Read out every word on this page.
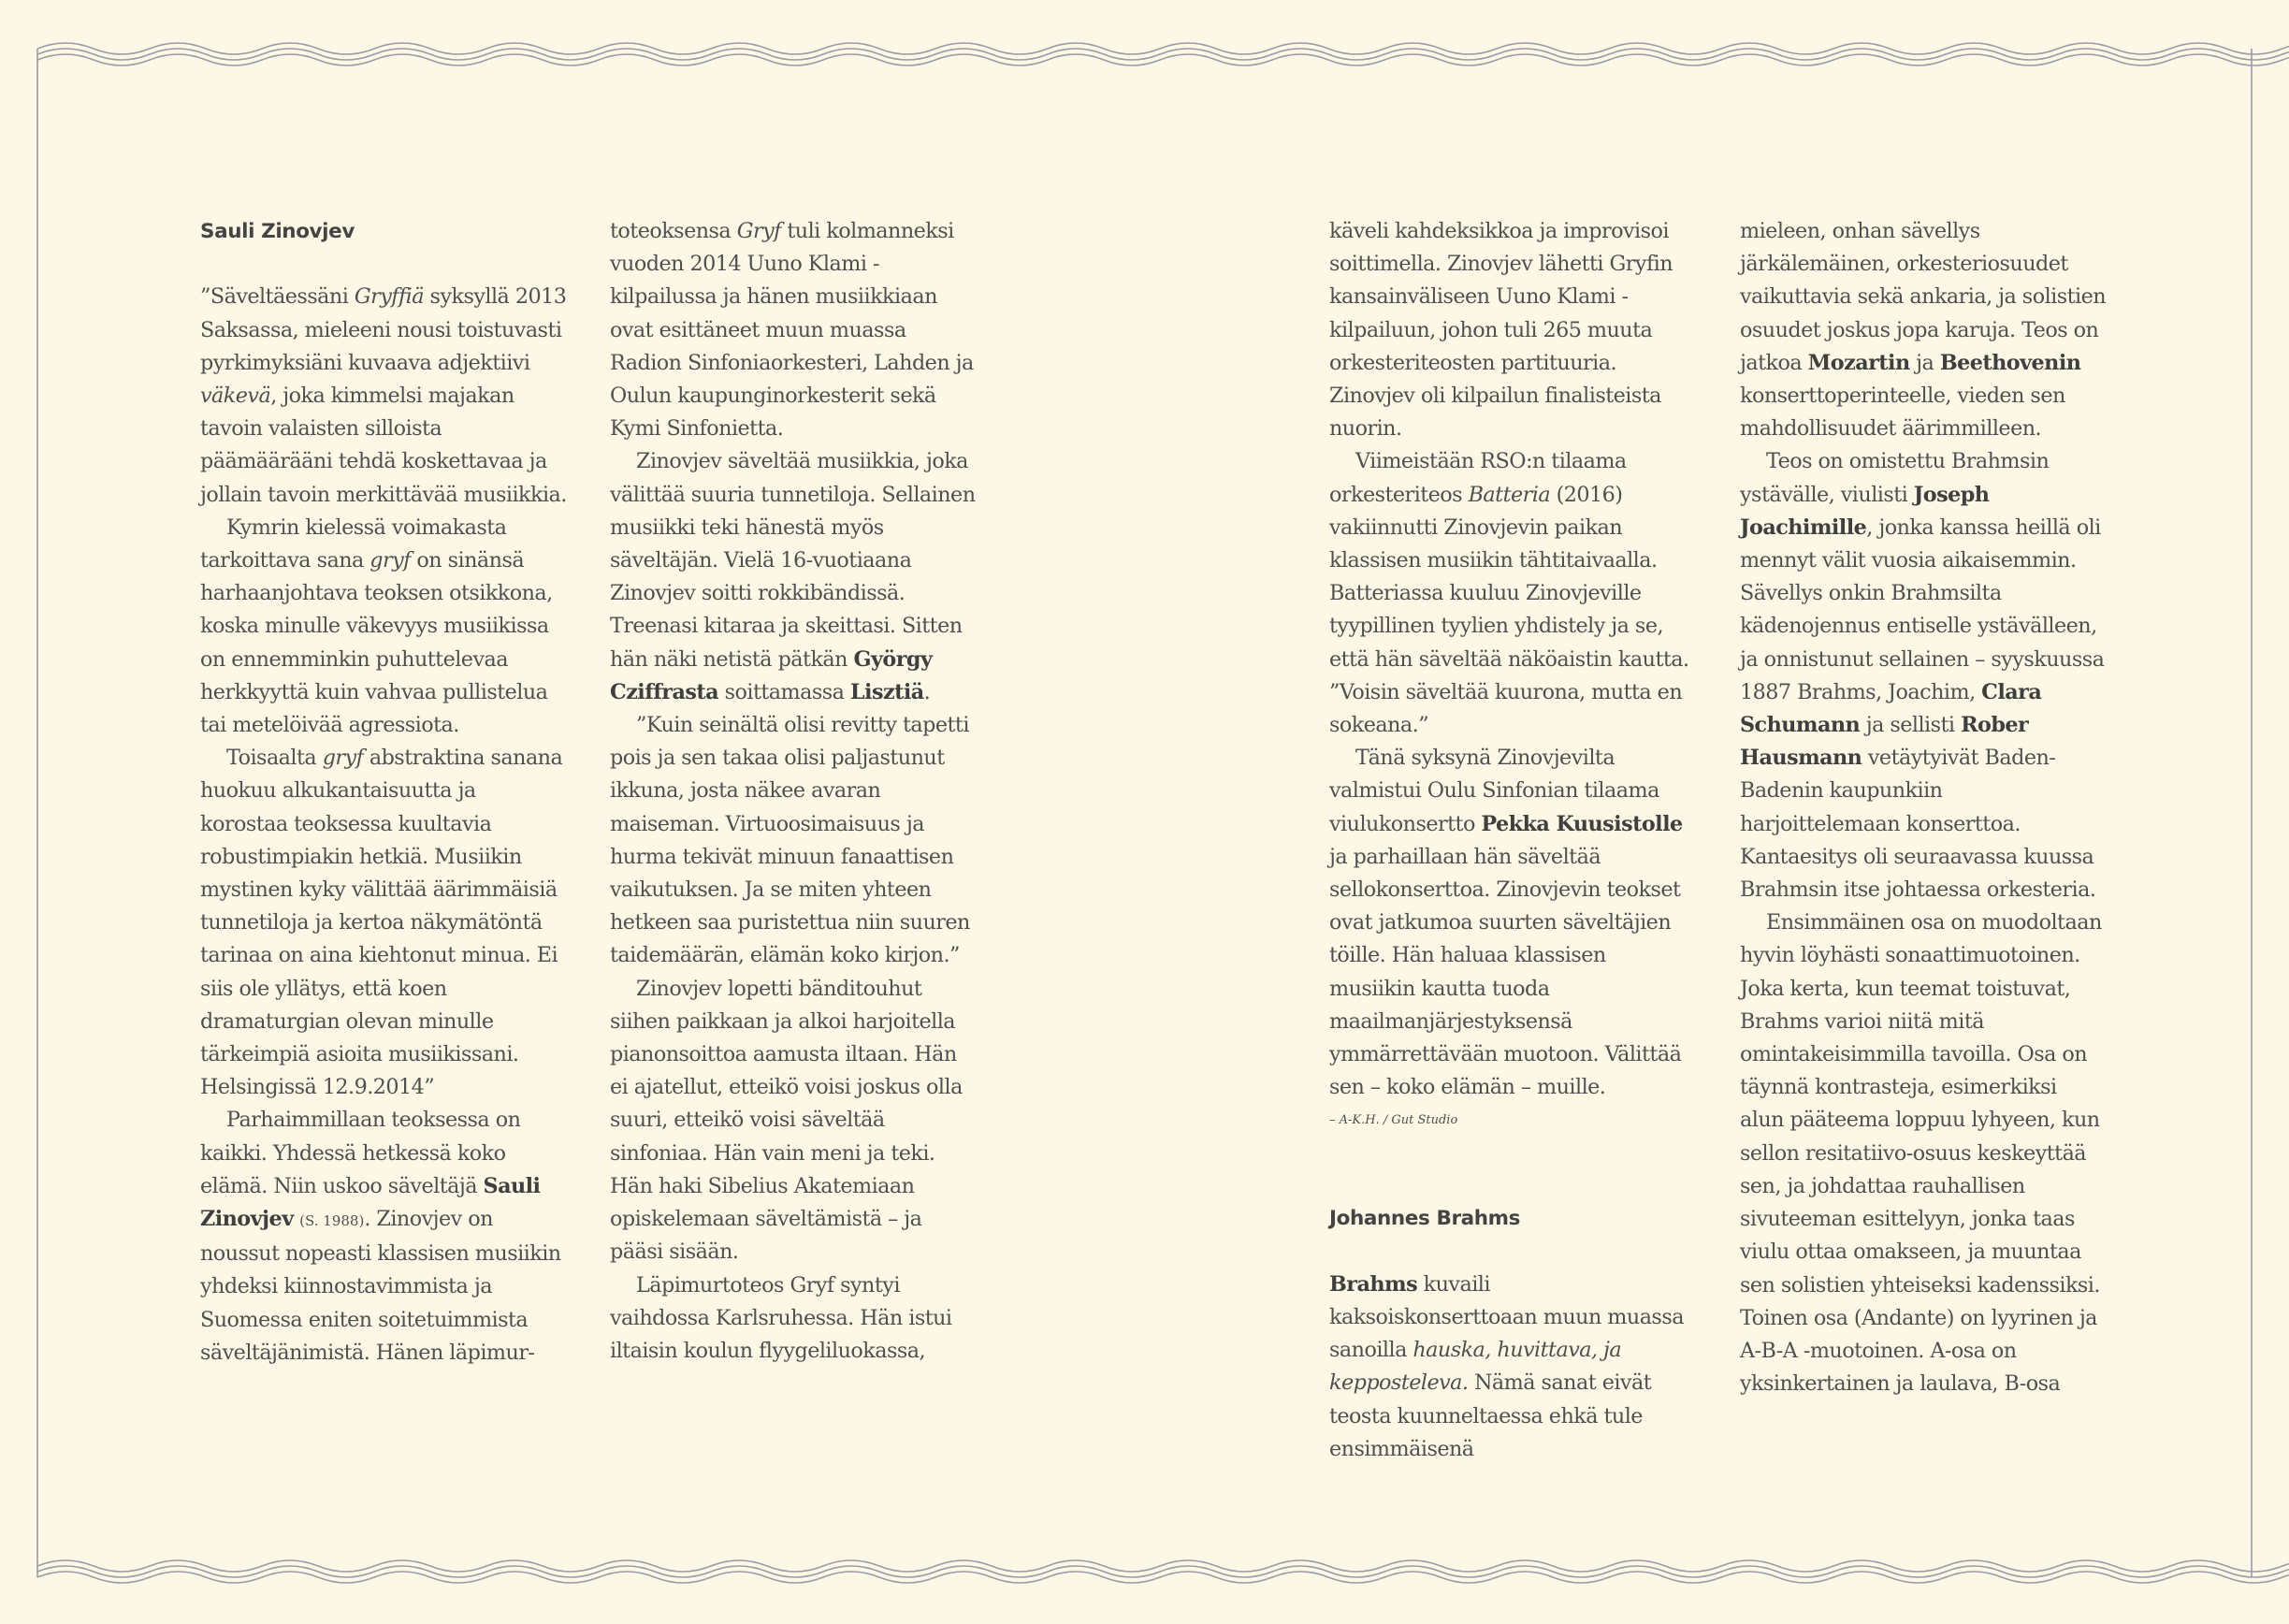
Sauli Zinovjev

”Säveltäessäni Gryffiä syksyllä 2013 Saksassa, mieleeni nousi toistuvasti pyrkimyksiäni kuvaava adjektiivi väkevä, joka kimmelsi majakan tavoin valaisten silloista päämäärääni tehdä koskettavaa ja jollain tavoin merkittävää musiikkia.

Kymrin kielessä voimakasta tarkoittava sana gryf on sinänsä harhaanjohtava teoksen otsikkona, koska minulle väkevyys musiikissa on ennemminkin puhuttelevaa herkkyyttä kuin vahvaa pullistelua tai metelöivää agressiota.

Toisaalta gryf abstraktina sanana huokuu alkukantaisuutta ja korostaa teoksessa kuultavia robustimpiakin hetkiä. Musiikin mystinen kyky välittää äärimmäisiä tunnetiloja ja kertoa näkymätöntä tarinaa on aina kiehtonut minua. Ei siis ole yllätys, että koen dramaturgian olevan minulle tärkeimpiä asioita musiikissani. Helsingissä 12.9.2014”

Parhaimmillaan teoksessa on kaikki. Yhdessä hetkessä koko elämä. Niin uskoo säveltäjä Sauli Zinovjev (S. 1988). Zinovjev on noussut nopeasti klassisen musiikin yhdeksi kiinnostavimmista ja Suomessa eniten soitetuimmista säveltäjänimistä. Hänen läpimur-

toteoksensa Gryf tuli kolmanneksi vuoden 2014 Uuno Klami -kilpailussa ja hänen musiikkiaan ovat esittäneet muun muassa Radion Sinfoniaorkesteri, Lahden ja Oulun kaupunginorkesterit sekä Kymi Sinfonietta.

Zinovjev säveltää musiikkia, joka välittää suuria tunnetiloja. Sellainen musiikki teki hänestä myös säveltäjän. Vielä 16-vuotiaana Zinovjev soitti rokkibändissä. Treenasi kitaraa ja skeittasi. Sitten hän näki netistä pätkän György Cziffrasta soittamassa Lisztiä.

”Kuin seinältä olisi revitty tapetti pois ja sen takaa olisi paljastunut ikkuna, josta näkee avaran maiseman. Virtuoosimaisuus ja hurma tekivät minuun fanaattisen vaikutuksen. Ja se miten yhteen hetkeen saa puristettua niin suuren taidemäärän, elämän koko kirjon.”

Zinovjev lopetti bänditouhut siihen paikkaan ja alkoi harjoitella pianonsoittoa aamusta iltaan. Hän ei ajatellut, etteikö voisi joskus olla suuri, etteikö voisi säveltää sinfoniaa. Hän vain meni ja teki. Hän haki Sibelius Akatemiaan opiskelemaan säveltämistä – ja pääsi sisään.

Läpimurtoteos Gryf syntyi vaihdossa Karlsruhessa. Hän istui iltaisin koulun flyygeliluokassa,

käveli kahdeksikkoa ja improvisoi soittimella. Zinovjev lähetti Gryfin kansainväliseen Uuno Klami -kilpailuun, johon tuli 265 muuta orkesteriteosten partituuria. Zinovjev oli kilpailun finalisteista nuorin.

Viimeistään RSO:n tilaama orkesteriteos Batteria (2016) vakiinnutti Zinovjevin paikan klassisen musiikin tähtitaivaalla. Batteriassa kuuluu Zinovjeville tyypillinen tyylien yhdistely ja se, että hän säveltää näköaistin kautta. ”Voisin säveltää kuurona, mutta en sokeana.”

Tänä syksynä Zinovjevilta valmistui Oulu Sinfonian tilaama viulukonsertto Pekka Kuusistolle ja parhaillaan hän säveltää sellokonserttoa. Zinovjevin teokset ovat jatkumoa suurten säveltäjien töille. Hän haluaa klassisen musiikin kautta tuoda maailmanjärjestyksensä ymmärrettävään muotoon. Välittää sen – koko elämän – muille.

– A-K.H. / Gut Studio

Johannes Brahms

Brahms kuvaili kaksoiskonserttoaan muun muassa sanoilla hauska, huvittava, ja kepposteleva. Nämä sanat eivät teosta kuunneltaessa ehkä tule ensimmäisenä

mieleen, onhan sävellys järkälemäinen, orkesteriosuudet vaikuttavia sekä ankaria, ja solistien osuudet joskus jopa karuja. Teos on jatkoa Mozartin ja Beethovenin konserttoperinteelle, vieden sen mahdollisuudet äärimmilleen.

Teos on omistettu Brahmsin ystävälle, viulisti Joseph Joachimille, jonka kanssa heillä oli mennyt välit vuosia aikaisemmin. Sävellys onkin Brahmsilta kädenojennus entiselle ystävälleen, ja onnistunut sellainen – syyskuussa 1887 Brahms, Joachim, Clara Schumann ja sellisti Rober Hausmann vetäytyivät Baden-Badenin kaupunkiin harjoittelemaan konserttoa. Kantaesitys oli seuraavassa kuussa Brahmsin itse johtaessa orkesteria.

Ensimmäinen osa on muodoltaan hyvin löyhästi sonaattimuotoinen. Joka kerta, kun teemat toistuvat, Brahms varioi niitä mitä omintakeisimmilla tavoilla. Osa on täynnä kontrasteja, esimerkiksi alun pääteema loppuu lyhyeen, kun sellon resitatiivo-osuus keskeyttää sen, ja johdattaa rauhallisen sivuteeman esittelyyn, jonka taas viulu ottaa omakseen, ja muuntaa sen solistien yhteiseksi kadenssiksi. Toinen osa (Andante) on lyyrinen ja A-B-A -muotoinen. A-osa on yksinkertainen ja laulava, B-osa
